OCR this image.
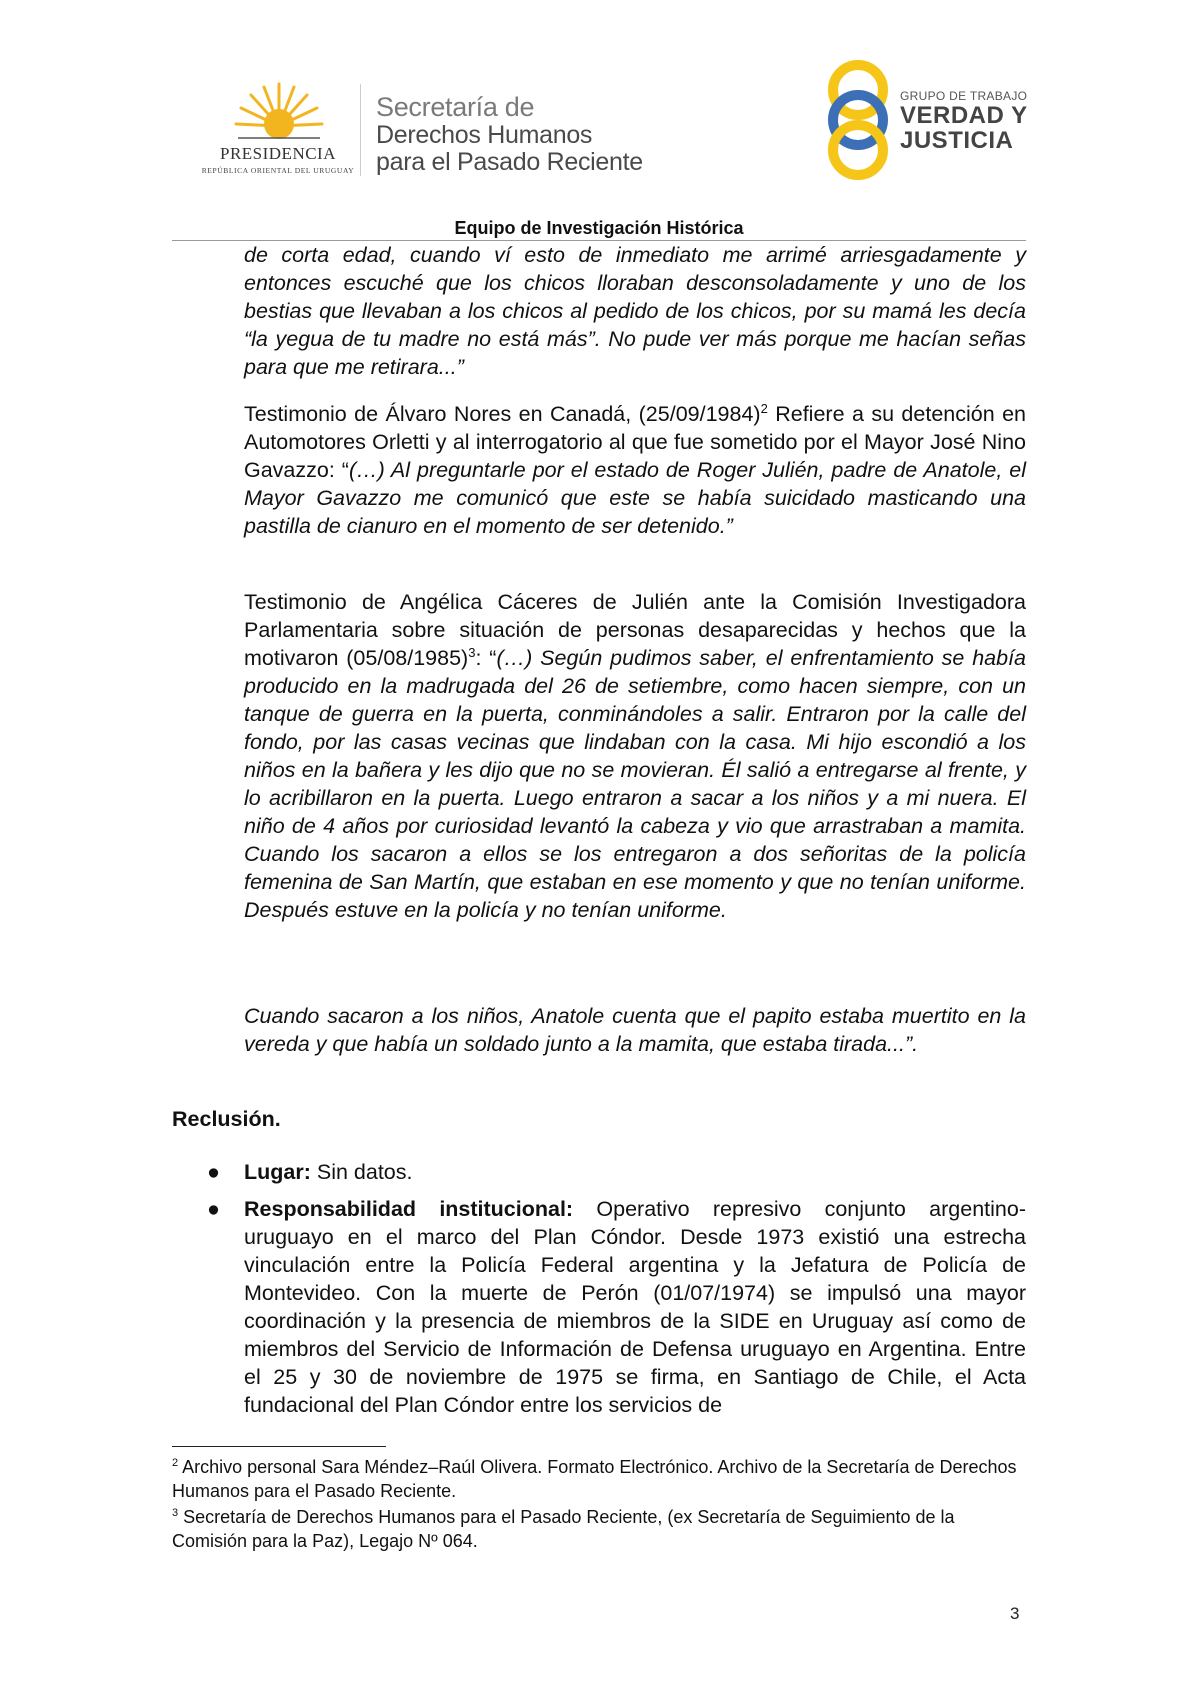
PRESIDENCIA
REPÚBLICA ORIENTAL DEL URUGUAY
Secretaría de
Derechos Humanos
para el Pasado Reciente
GRUPO DE TRABAJO
VERDAD Y
JUSTICIA
Equipo de Investigación Histórica

de corta edad, cuando ví esto de inmediato me arrimé arriesgadamente y entonces escuché que los chicos lloraban desconsoladamente y uno de los bestias que llevaban a los chicos al pedido de los chicos, por su mamá les decía “la yegua de tu madre no está más”. No pude ver más porque me hacían señas para que me retirara...”

Testimonio de Álvaro Nores en Canadá, $(25/09/1984)^2$ Refiere a su detención en Automotores Orletti y al interrogatorio al que fue sometido por el Mayor José Nino Gavazzo: “(…) Al preguntarle por el estado de Roger Julién, padre de Anatole, el Mayor Gavazzo me comunicó que este se había suicidado masticando una pastilla de cianuro en el momento de ser detenido.”

Testimonio de Angélica Cáceres de Julién ante la Comisión Investigadora Parlamentaria sobre situación de personas desaparecidas y hechos que la motivaron $(05/08/1985)^3$: “(…) Según pudimos saber, el enfrentamiento se había producido en la madrugada del 26 de setiembre, como hacen siempre, con un tanque de guerra en la puerta, conminándoles a salir. Entraron por la calle del fondo, por las casas vecinas que lindaban con la casa. Mi hijo escondió a los niños en la bañera y les dijo que no se movieran. Él salió a entregarse al frente, y lo acribillaron en la puerta. Luego entraron a sacar a los niños y a mi nuera. El niño de 4 años por curiosidad levantó la cabeza y vio que arrastraban a mamita. Cuando los sacaron a ellos se los entregaron a dos señoritas de la policía femenina de San Martín, que estaban en ese momento y que no tenían uniforme. Después estuve en la policía y no tenían uniforme.

Cuando sacaron a los niños, Anatole cuenta que el papito estaba muertito en la vereda y que había un soldado junto a la mamita, que estaba tirada...”.

Reclusión.
● Lugar: Sin datos.
● Responsabilidad institucional: Operativo represivo conjunto argentino-uruguayo en el marco del Plan Cóndor. Desde 1973 existió una estrecha vinculación entre la Policía Federal argentina y la Jefatura de Policía de Montevideo. Con la muerte de Perón (01/07/1974) se impulsó una mayor coordinación y la presencia de miembros de la SIDE en Uruguay así como de miembros del Servicio de Información de Defensa uruguayo en Argentina. Entre el 25 y 30 de noviembre de 1975 se firma, en Santiago de Chile, el Acta fundacional del Plan Cóndor entre los servicios de
$^2$ Archivo personal Sara Méndez–Raúl Olivera. Formato Electrónico. Archivo de la Secretaría de Derechos Humanos para el Pasado Reciente.
$^3$ Secretaría de Derechos Humanos para el Pasado Reciente, (ex Secretaría de Seguimiento de la Comisión para la Paz), Legajo Nº 064.
3
